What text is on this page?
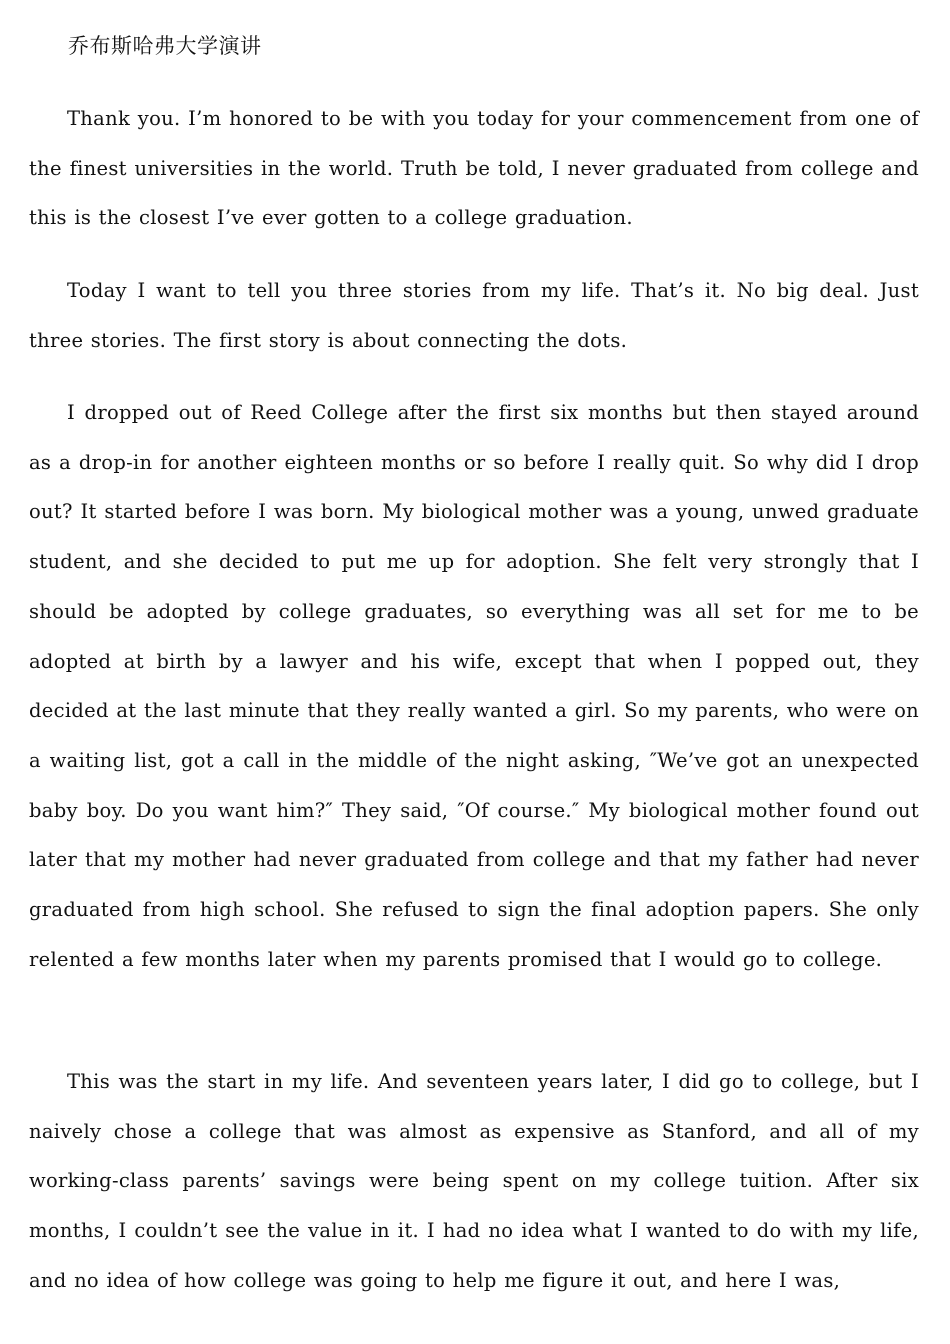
乔布斯哈弗大学演讲

Thank you. I’m honored to be with you today for your commencement from one of the finest universities in the world. Truth be told, I never graduated from college and this is the closest I’ve ever gotten to a college graduation.

Today I want to tell you three stories from my life. That’s it. No big deal. Just three stories. The first story is about connecting the dots.

I dropped out of Reed College after the first six months but then stayed around as a drop-in for another eighteen months or so before I really quit. So why did I drop out? It started before I was born. My biological mother was a young, unwed graduate student, and she decided to put me up for adoption. She felt very strongly that I should be adopted by college graduates, so everything was all set for me to be adopted at birth by a lawyer and his wife, except that when I popped out, they decided at the last minute that they really wanted a girl. So my parents, who were on a waiting list, got a call in the middle of the night asking, ″We’ve got an unexpected baby boy. Do you want him?″ They said, ″Of course.″ My biological mother found out later that my mother had never graduated from college and that my father had never graduated from high school. She refused to sign the final adoption papers. She only relented a few months later when my parents promised that I would go to college.

This was the start in my life. And seventeen years later, I did go to college, but I naively chose a college that was almost as expensive as Stanford, and all of my working-class parents’ savings were being spent on my college tuition. After six months, I couldn’t see the value in it. I had no idea what I wanted to do with my life, and no idea of how college was going to help me figure it out, and here I was,
